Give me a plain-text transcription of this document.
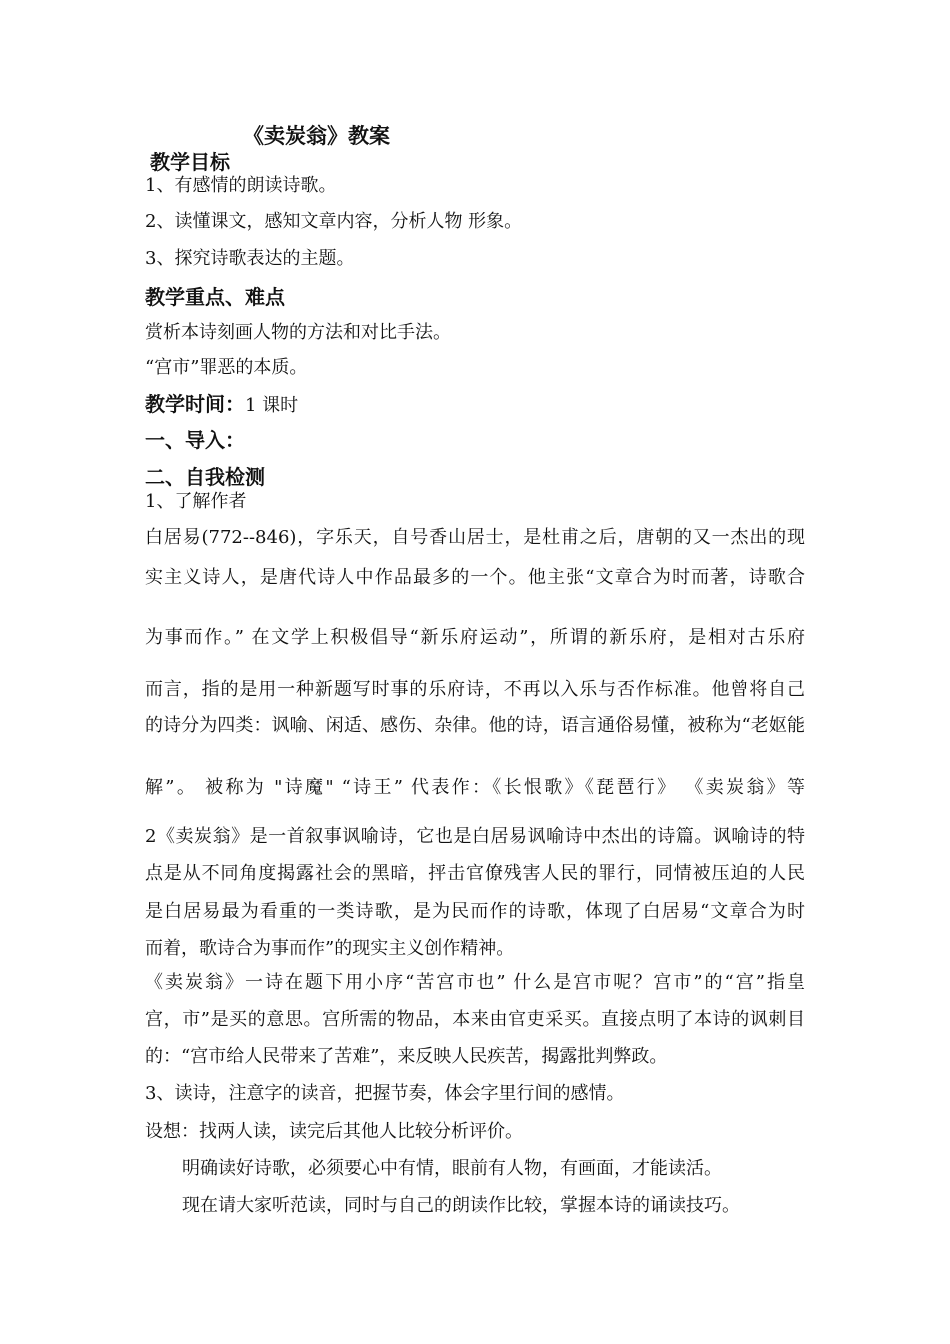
《卖炭翁》教案
教学目标
1、有感情的朗读诗歌。
2、读懂课文，感知文章内容，分析人物 形象。
3、探究诗歌表达的主题。
教学重点、难点
赏析本诗刻画人物的方法和对比手法。
“宫市”罪恶的本质。
教学时间：1 课时
一、导入：
二、自我检测
1、了解作者
白居易(772--846)，字乐天，自号香山居士，是杜甫之后，唐朝的又一杰出的现
实主义诗人，是唐代诗人中作品最多的一个。他主张“文章合为时而著，诗歌合
为事而作。” 在文学上积极倡导“新乐府运动”，所谓的新乐府，是相对古乐府
而言，指的是用一种新题写时事的乐府诗，不再以入乐与否作标准。他曾将自己
的诗分为四类：讽喻、闲适、感伤、杂律。他的诗，语言通俗易懂，被称为“老妪能
解”。 被称为 "诗魔" “诗王” 代表作：《长恨歌》《琵琶行》 《卖炭翁》等
2《卖炭翁》是一首叙事讽喻诗，它也是白居易讽喻诗中杰出的诗篇。讽喻诗的特
点是从不同角度揭露社会的黑暗，抨击官僚残害人民的罪行，同情被压迫的人民
是白居易最为看重的一类诗歌，是为民而作的诗歌，体现了白居易“文章合为时
而着，歌诗合为事而作”的现实主义创作精神。
《卖炭翁》一诗在题下用小序“苦宫市也” 什么是宫市呢？宫市”的“宫”指皇
宫，市”是买的意思。宫所需的物品，本来由官吏采买。直接点明了本诗的讽刺目
的：“宫市给人民带来了苦难”，来反映人民疾苦，揭露批判弊政。
3、读诗，注意字的读音，把握节奏，体会字里行间的感情。
设想：找两人读，读完后其他人比较分析评价。
明确读好诗歌，必须要心中有情，眼前有人物，有画面，才能读活。
现在请大家听范读，同时与自己的朗读作比较，掌握本诗的诵读技巧。
